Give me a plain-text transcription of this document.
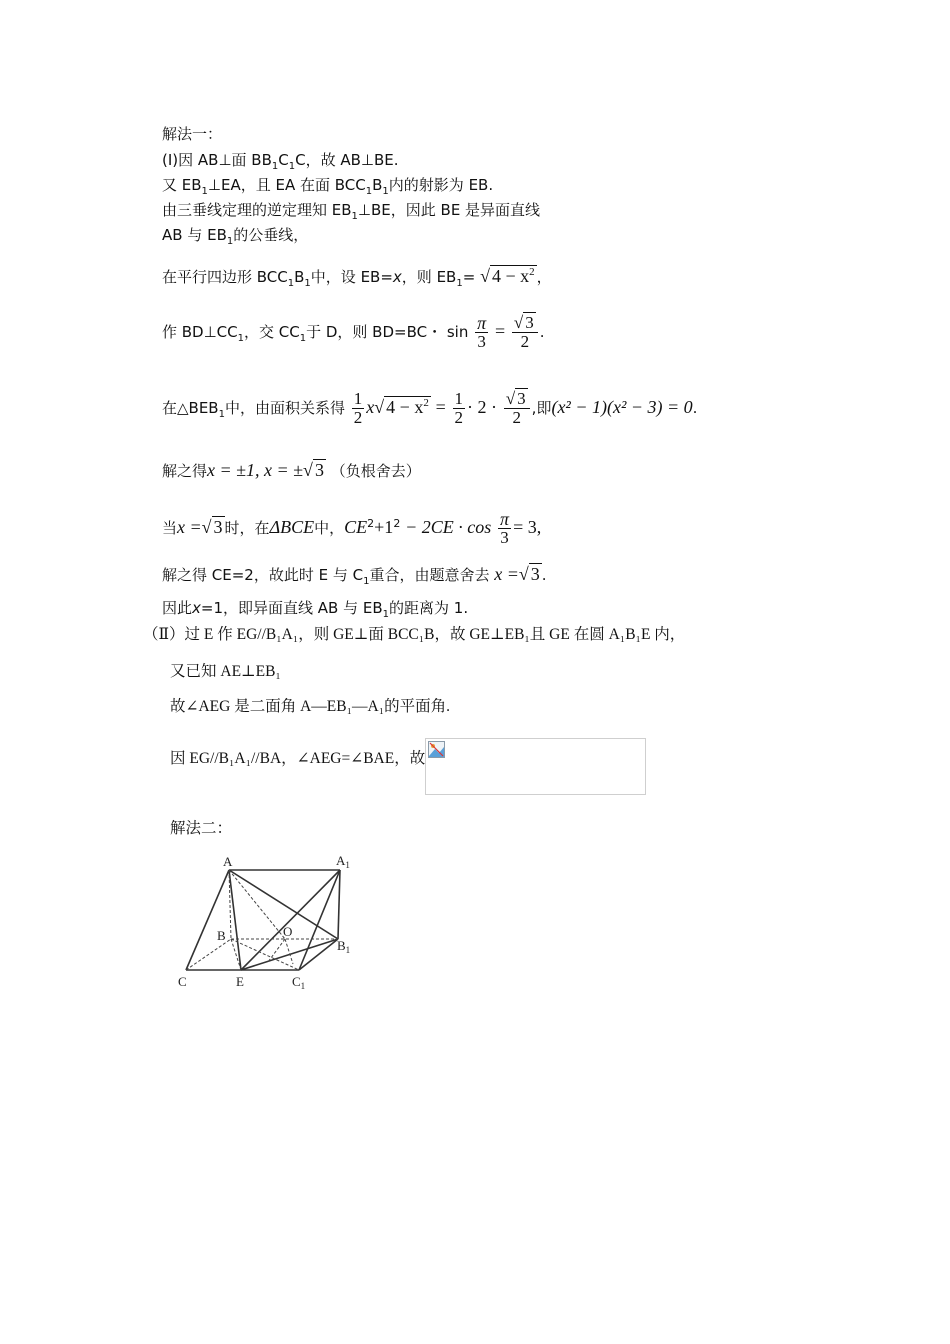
解法一：
(Ⅰ)因 AB⊥面 $BB_1C_1C$，故 AB⊥BE.
又 $EB_1\perp EA$，且 EA 在面 $BCC_1B_1$内的射影为 EB.
由三垂线定理的逆定理知 $EB_1\perp BE$，因此 BE 是异面直线
AB 与 $EB_1$的公垂线，
在平行四边形 $BCC_1B_1$中，设 EB=x，则 $EB_1=$ √ $4 - x^2$ ，
作 $BD\perp CC_1$，交 $CC_1$于 D，则 BD=BC・ $\sin \frac{\pi}{3} = \frac{√ 3}{2}$ .
在$\triangle BEB_1$中，由面积关系得 $\frac{1}{2} x√$ $4 - x^2 = \frac{1}{2} \cdot 2 \cdot \frac{√ 3}{2}$ ,即(x² − 1)(x² − 3) = 0.
解之得x = ±1, x = ±√ 3 （负根舍去）
当x =√ 3 时，在ΔBCE中，$CE^2+1^2 - 2CE \cdot \cos \frac{\pi}{3} = 3$,
解之得 CE=2，故此时 E 与 $C_1$重合，由题意舍去 x =√ 3 .
因此x=1，即异面直线 AB 与 $EB_1$的距离为 1.
（Ⅱ）过 E 作 EG//B₁A₁，则 GE⊥面 BCC₁B，故 GE⊥EB₁且 GE 在圆 A₁B₁E 内，
又已知 AE⊥EB₁
故∠AEG 是二面角 A—EB₁—A₁的平面角.
因 EG//B₁A₁//BA，∠AEG=∠BAE，故
解法二：
A	$A_1$
B	O
$B_1$
C	E	$C_1$
